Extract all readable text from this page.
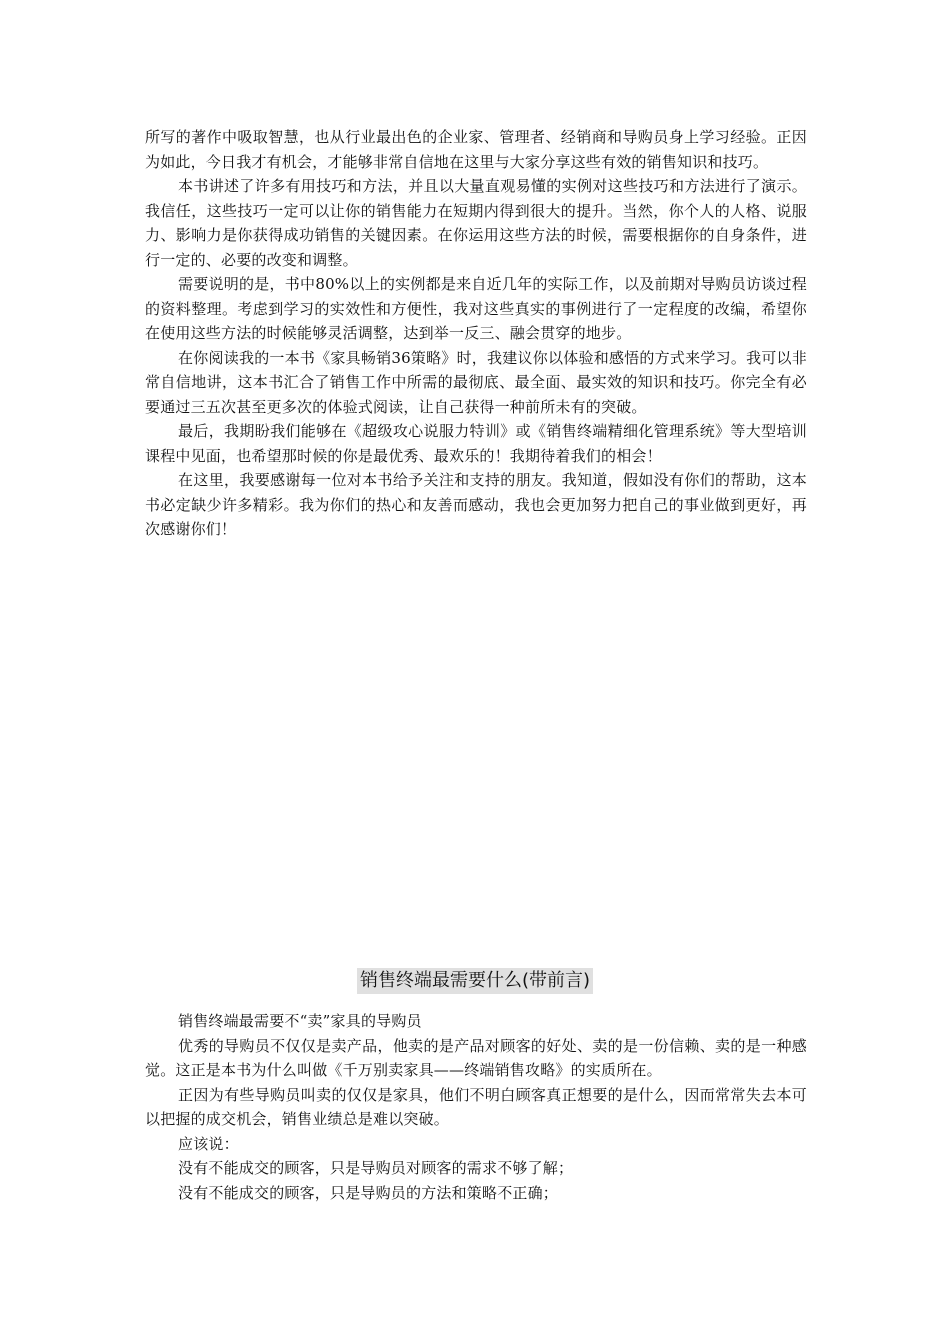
所写的著作中吸取智慧，也从行业最出色的企业家、管理者、经销商和导购员身上学习经验。正因为如此，今日我才有机会，才能够非常自信地在这里与大家分享这些有效的销售知识和技巧。

本书讲述了许多有用技巧和方法，并且以大量直观易懂的实例对这些技巧和方法进行了演示。我信任，这些技巧一定可以让你的销售能力在短期内得到很大的提升。当然，你个人的人格、说服力、影响力是你获得成功销售的关键因素。在你运用这些方法的时候，需要根据你的自身条件，进行一定的、必要的改变和调整。

需要说明的是，书中80%以上的实例都是来自近几年的实际工作，以及前期对导购员访谈过程的资料整理。考虑到学习的实效性和方便性，我对这些真实的事例进行了一定程度的改编，希望你在使用这些方法的时候能够灵活调整，达到举一反三、融会贯穿的地步。

在你阅读我的一本书《家具畅销36策略》时，我建议你以体验和感悟的方式来学习。我可以非常自信地讲，这本书汇合了销售工作中所需的最彻底、最全面、最实效的知识和技巧。你完全有必要通过三五次甚至更多次的体验式阅读，让自己获得一种前所未有的突破。

最后，我期盼我们能够在《超级攻心说服力特训》或《销售终端精细化管理系统》等大型培训课程中见面，也希望那时候的你是最优秀、最欢乐的！我期待着我们的相会！

在这里，我要感谢每一位对本书给予关注和支持的朋友。我知道，假如没有你们的帮助，这本书必定缺少许多精彩。我为你们的热心和友善而感动，我也会更加努力把自己的事业做到更好，再次感谢你们！

销售终端最需要什么(带前言)

销售终端最需要不“卖”家具的导购员

优秀的导购员不仅仅是卖产品，他卖的是产品对顾客的好处、卖的是一份信赖、卖的是一种感觉。这正是本书为什么叫做《千万别卖家具——终端销售攻略》的实质所在。

正因为有些导购员叫卖的仅仅是家具，他们不明白顾客真正想要的是什么，因而常常失去本可以把握的成交机会，销售业绩总是难以突破。

应该说：

没有不能成交的顾客，只是导购员对顾客的需求不够了解；

没有不能成交的顾客，只是导购员的方法和策略不正确；
